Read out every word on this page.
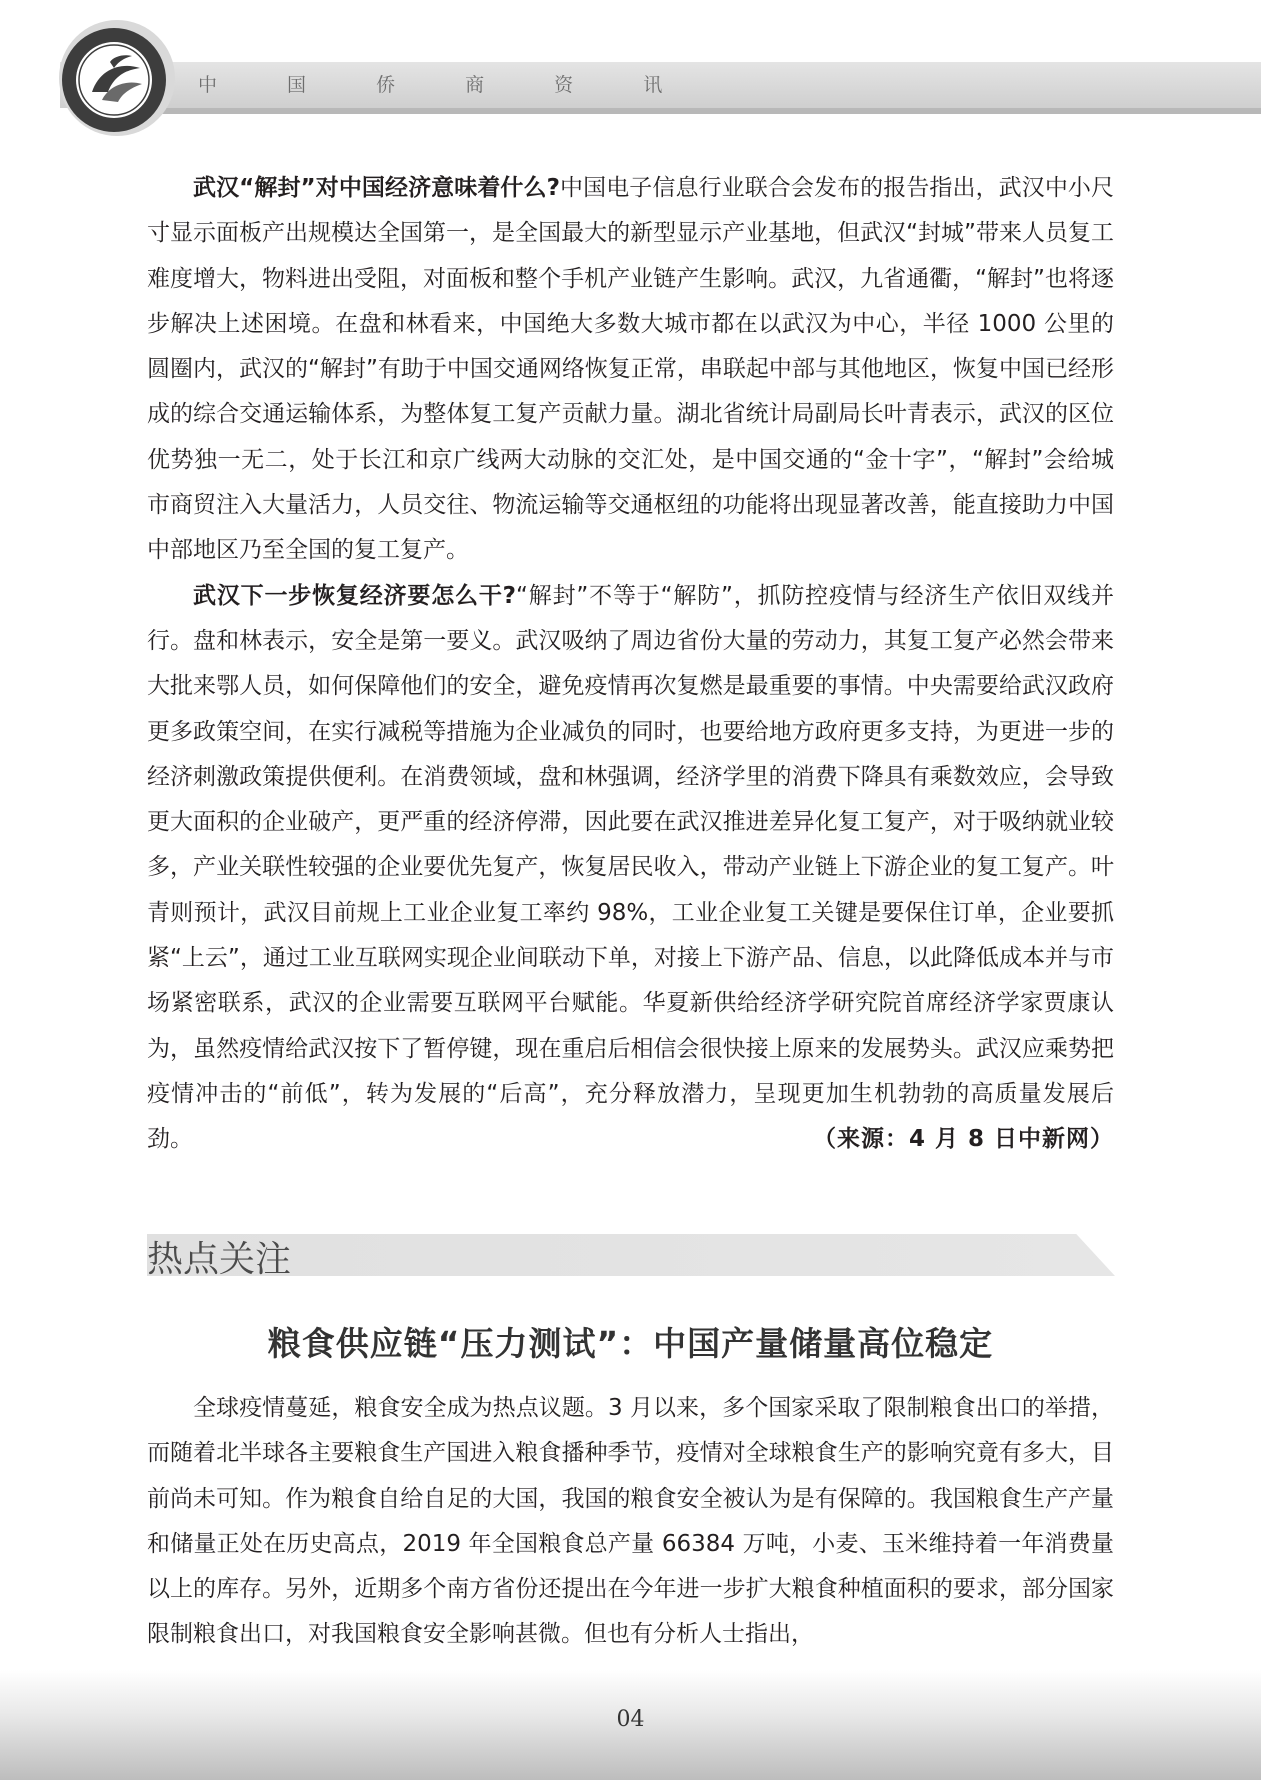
中 国 侨 商 资 讯

武汉“解封”对中国经济意味着什么?中国电子信息行业联合会发布的报告指出，武汉中小尺寸显示面板产出规模达全国第一，是全国最大的新型显示产业基地，但武汉“封城”带来人员复工难度增大，物料进出受阻，对面板和整个手机产业链产生影响。武汉，九省通衢，“解封”也将逐步解决上述困境。在盘和林看来，中国绝大多数大城市都在以武汉为中心，半径 1000 公里的圆圈内，武汉的“解封”有助于中国交通网络恢复正常，串联起中部与其他地区，恢复中国已经形成的综合交通运输体系，为整体复工复产贡献力量。湖北省统计局副局长叶青表示，武汉的区位优势独一无二，处于长江和京广线两大动脉的交汇处，是中国交通的“金十字”，“解封”会给城市商贸注入大量活力，人员交往、物流运输等交通枢纽的功能将出现显著改善，能直接助力中国中部地区乃至全国的复工复产。

武汉下一步恢复经济要怎么干?“解封”不等于“解防”，抓防控疫情与经济生产依旧双线并行。盘和林表示，安全是第一要义。武汉吸纳了周边省份大量的劳动力，其复工复产必然会带来大批来鄂人员，如何保障他们的安全，避免疫情再次复燃是最重要的事情。中央需要给武汉政府更多政策空间，在实行减税等措施为企业减负的同时，也要给地方政府更多支持，为更进一步的经济刺激政策提供便利。在消费领域，盘和林强调，经济学里的消费下降具有乘数效应，会导致更大面积的企业破产，更严重的经济停滞，因此要在武汉推进差异化复工复产，对于吸纳就业较多，产业关联性较强的企业要优先复产，恢复居民收入，带动产业链上下游企业的复工复产。叶青则预计，武汉目前规上工业企业复工率约 98%，工业企业复工关键是要保住订单，企业要抓紧“上云”，通过工业互联网实现企业间联动下单，对接上下游产品、信息，以此降低成本并与市场紧密联系，武汉的企业需要互联网平台赋能。华夏新供给经济学研究院首席经济学家贾康认为，虽然疫情给武汉按下了暂停键，现在重启后相信会很快接上原来的发展势头。武汉应乘势把疫情冲击的“前低”，转为发展的“后高”，充分释放潜力，呈现更加生机勃勃的高质量发展后劲。	（来源：4 月 8 日中新网）

热点关注
粮食供应链“压力测试”：中国产量储量高位稳定

全球疫情蔓延，粮食安全成为热点议题。3 月以来，多个国家采取了限制粮食出口的举措，而随着北半球各主要粮食生产国进入粮食播种季节，疫情对全球粮食生产的影响究竟有多大，目前尚未可知。作为粮食自给自足的大国，我国的粮食安全被认为是有保障的。我国粮食生产产量和储量正处在历史高点，2019 年全国粮食总产量 66384 万吨，小麦、玉米维持着一年消费量以上的库存。另外，近期多个南方省份还提出在今年进一步扩大粮食种植面积的要求，部分国家限制粮食出口，对我国粮食安全影响甚微。但也有分析人士指出，

04
